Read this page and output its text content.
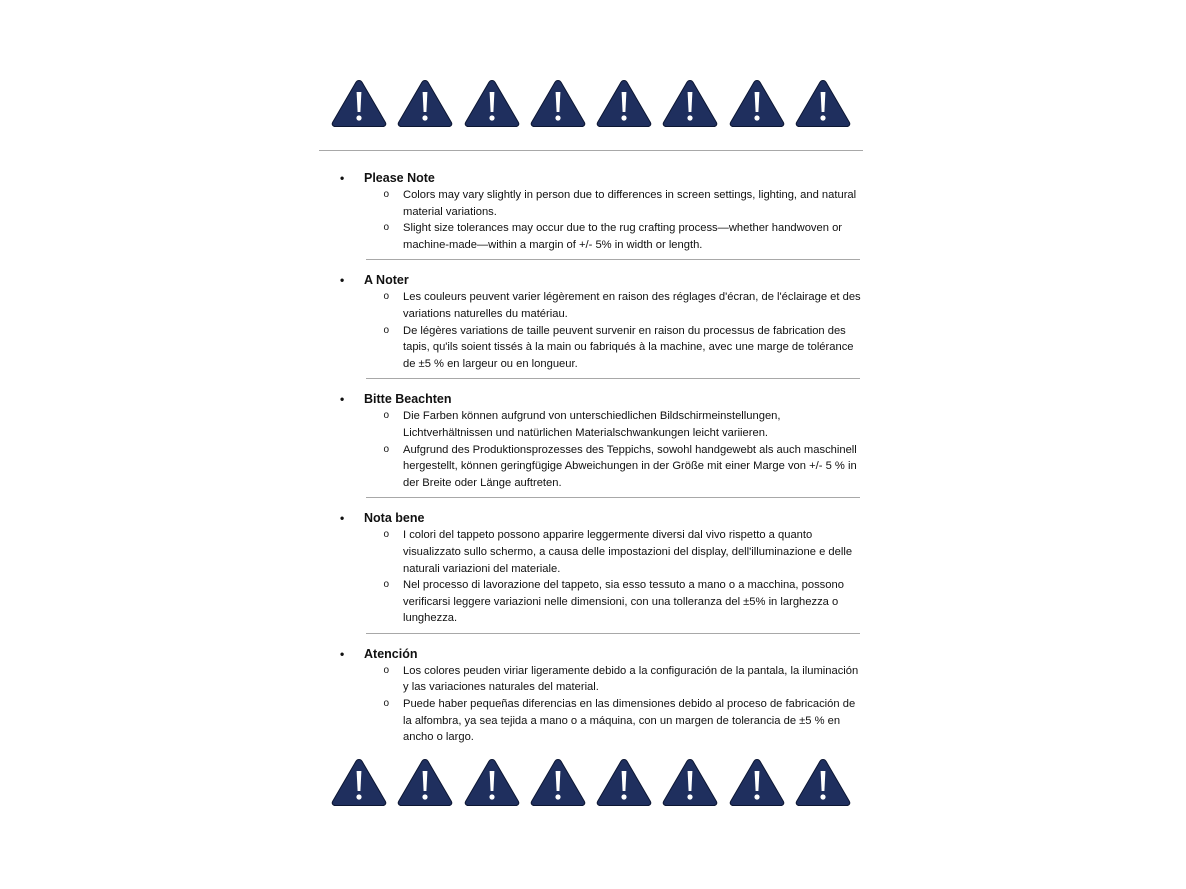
•	Please Note
o	Colors may vary slightly in person due to differences in screen settings, lighting, and natural material variations.
o	Slight size tolerances may occur due to the rug crafting process—whether handwoven or machine-made—within a margin of +/- 5% in width or length.
•	A Noter
o	Les couleurs peuvent varier légèrement en raison des réglages d'écran, de l'éclairage et des variations naturelles du matériau.
o	De légères variations de taille peuvent survenir en raison du processus de fabrication des tapis, qu'ils soient tissés à la main ou fabriqués à la machine, avec une marge de tolérance de ±5 % en largeur ou en longueur.
•	Bitte Beachten
o	Die Farben können aufgrund von unterschiedlichen Bildschirmeinstellungen, Lichtverhältnissen und natürlichen Materialschwankungen leicht variieren.
o	Aufgrund des Produktionsprozesses des Teppichs, sowohl handgewebt als auch maschinell hergestellt, können geringfügige Abweichungen in der Größe mit einer Marge von +/- 5 % in der Breite oder Länge auftreten.
•	Nota bene
o	I colori del tappeto possono apparire leggermente diversi dal vivo rispetto a quanto visualizzato sullo schermo, a causa delle impostazioni del display, dell'illuminazione e delle naturali variazioni del materiale.
o	Nel processo di lavorazione del tappeto, sia esso tessuto a mano o a macchina, possono verificarsi leggere variazioni nelle dimensioni, con una tolleranza del ±5% in larghezza o lunghezza.
•	Atención
o	Los colores peuden viriar ligeramente debido a la configuración de la pantala, la iluminación y las variaciones naturales del material.
o	Puede haber pequeñas diferencias en las dimensiones debido al proceso de fabricación de la alfombra, ya sea tejida a mano o a máquina, con un margen de tolerancia de ±5 % en ancho o largo.
